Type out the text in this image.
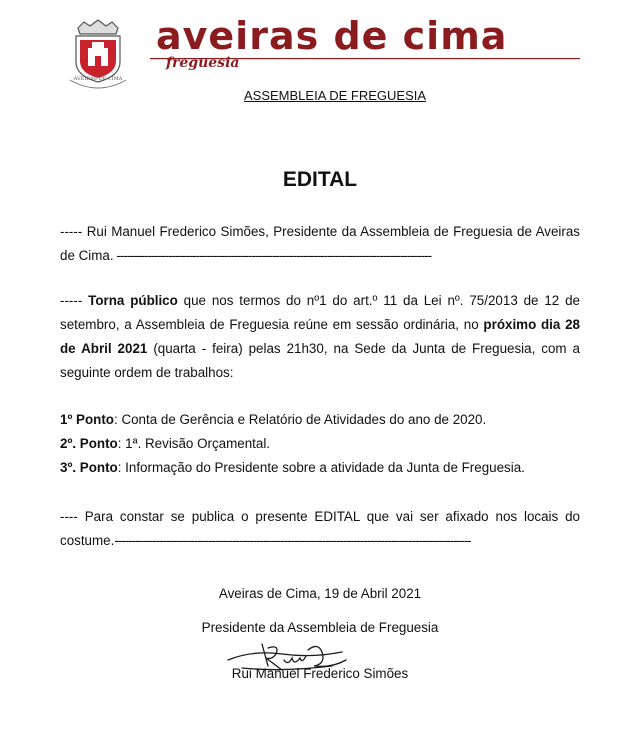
AVEIRAS DE CIMA
aveiras de cima
freguesia
ASSEMBLEIA DE FREGUESIA
EDITAL
----- Rui Manuel Frederico Simões, Presidente da Assembleia de Freguesia de Aveiras de Cima. -------------------------------------------------------------------------------------------
----- Torna público que nos termos do nº1 do art.º 11 da Lei nº. 75/2013 de 12 de setembro, a Assembleia de Freguesia reúne em sessão ordinária, no próximo dia 28 de Abril 2021 (quarta - feira) pelas 21h30, na Sede da Junta de Freguesia, com a seguinte ordem de trabalhos:
1º Ponto: Conta de Gerência e Relatório de Atividades do ano de 2020.
2º. Ponto: 1ª. Revisão Orçamental.
3º. Ponto: Informação do Presidente sobre a atividade da Junta de Freguesia.
---- Para constar se publica o presente EDITAL que vai ser afixado nos locais do costume.-------------------------------------------------------------------------------------------------------
Aveiras de Cima, 19 de Abril 2021
Presidente da Assembleia de Freguesia
Rui Manuel Frederico Simões
